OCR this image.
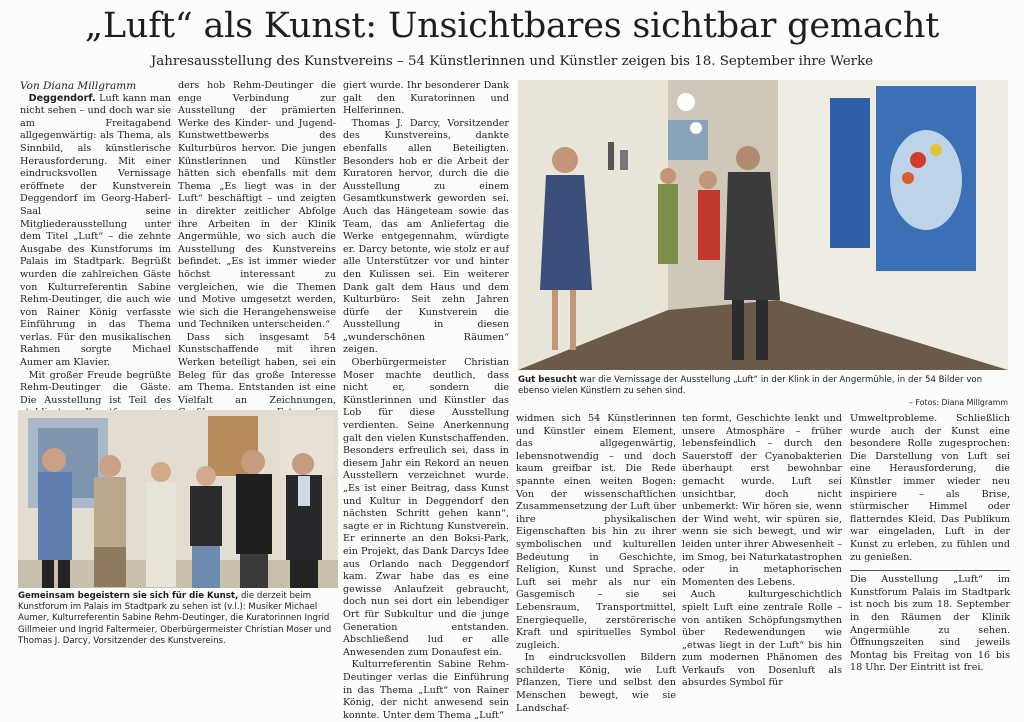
„Luft“ als Kunst: Unsichtbares sichtbar gemacht
Jahresausstellung des Kunstvereins – 54 Künstlerinnen und Künstler zeigen bis 18. September ihre Werke

Von Diana Millgramm

Deggendorf. Luft kann man nicht sehen – und doch war sie am Freitagabend allgegenwärtig: als Thema, als Sinnbild, als künstlerische Herausforderung. Mit einer eindrucksvollen Vernissage eröffnete der Kunstverein Deggendorf im Georg-Haberl-Saal seine Mitgliederausstellung unter dem Titel „Luft“ – die zehnte Ausgabe des Kunstforums im Palais im Stadtpark. Begrüßt wurden die zahlreichen Gäste von Kulturreferentin Sabine Rehm-Deutinger, die auch wie von Rainer König verfasste Einführung in das Thema verlas. Für den musikalischen Rahmen sorgte Michael Aumer am Klavier.

Mit großer Freude begrüßte Rehm-Deutinger die Gäste. Die Ausstellung ist Teil des

ders hob Rehm-Deutinger die enge Verbindung zur Ausstellung der prämierten Werke des Kinder- und Jugend-Kunstwettbewerbs des Kulturbüros hervor. Die jungen Künstlerinnen und Künstler hätten sich ebenfalls mit dem Thema „Es liegt was in der Luft“ beschäftigt – und zeigten in direkter zeitlicher Abfolge ihre Arbeiten in der Klinik Angermühle, wo sich auch die Ausstellung des Kunstvereins befindet. „Es ist immer wieder höchst interessant zu vergleichen, wie die Themen und Motive umgesetzt werden, wie sich die Herangehensweise und Techniken unterscheiden.“

Dass sich insgesamt 54 Kunstschaffende mit ihren Werken beteiligt haben, sei ein Beleg für das große Interesse am Thema. Entstanden ist eine Vielfalt an Zeichnungen,

giert wurde. Ihr besonderer Dank galt den Kuratorinnen und Helferinnen.

Thomas J. Darcy, Vorsitzender des Kunstvereins, dankte ebenfalls allen Beteiligten. Besonders hob er die Arbeit der Kuratoren hervor, durch die die Ausstellung zu einem Gesamtkunstwerk geworden sei. Auch das Hängeteam sowie das Team, das am Anliefertag die Werke entgegennahm, würdigte er. Darcy betonte, wie stolz er auf alle Unterstützer vor und hinter den Kulissen sei. Ein weiterer Dank galt dem Haus und dem Kulturbüro: Seit zehn Jahren dürfe der Kunstverein die Ausstellung in diesen „wunderschönen Räumen“ zeigen.

Oberbürgermeister Christian Moser machte deutlich, dass nicht er, sondern die Künstlerinnen und Künstler das Lob für diese Ausstellung verdienten. Seine Anerkennung galt den vielen Kunstschaffenden. Besonders erfreulich sei, dass in diesem Jahr ein Rekord an neuen Ausstellern verzeichnet wurde. „Es ist einer Beitrag, dass Kunst und Kultur in Deggendorf den nächsten Schritt gehen kann“, sagte er in Richtung Kunstverein. Er erinnerte an den Boksi-Park, ein Projekt, das Dank Darcys Idee aus Orlando nach Deggendorf kam. Zwar habe das es eine gewisse Anlaufzeit gebraucht, doch nun sei dort ein lebendiger Ort für Subkultur und die junge Generation entstanden. Abschließend lud er alle Anwesenden zum Donaufest ein.

Kulturreferentin Sabine Rehm-Deutinger verlas die Einführung in das Thema „Luft“ von Rainer König, der nicht anwesend sein konnte. Unter dem Thema „Luft“

Gut besucht war die Vernissage der Ausstellung „Luft“ in der Klink in der Angermühle, in der 54 Bilder von ebenso vielen Künstlern zu sehen sind.
– Fotos: Diana Millgramm
Gemeinsam begeistern sie sich für die Kunst, die derzeit beim Kunstforum im Palais im Stadtpark zu sehen ist (v.l.): Musiker Michael Aumer, Kulturreferentin Sabine Rehm-Deutinger, die Kuratorinnen Ingrid Gillmeier und Ingrid Faltermeier, Oberbürgermeister Christian Moser und Thomas J. Darcy, Vorsitzender des Kunstvereins.

widmen sich 54 Künstlerinnen und Künstler einem Element, das allgegenwärtig, lebensnotwendig – und doch kaum greifbar ist. Die Rede spannte einen weiten Bogen: Von der wissenschaftlichen Zusammensetzung der Luft über ihre physikalischen Eigenschaften bis hin zu ihrer symbolischen und kulturellen Bedeutung in Geschichte, Religion, Kunst und Sprache. Luft sei mehr als nur ein Gasgemisch – sie sei Lebensraum, Transportmittel, Energiequelle, zerstörerische Kraft und spirituelles Symbol zugleich.

In eindrucksvollen Bildern schilderte König, wie Luft Pflanzen, Tiere und selbst den Menschen bewegt, wie sie Landschaf-

ten formt, Geschichte lenkt und unsere Atmosphäre – früher lebensfeindlich – durch den Sauerstoff der Cyanobakterien überhaupt erst bewohnbar gemacht wurde. Luft sei unsichtbar, doch nicht unbemerkt: Wir hören sie, wenn der Wind weht, wir spüren sie, wenn sie sich bewegt, und wir leiden unter ihrer Abwesenheit – im Smog, bei Naturkatastrophen oder in metaphorischen Momenten des Lebens.

Auch kulturgeschichtlich spielt Luft eine zentrale Rolle – von antiken Schöpfungsmythen über Redewendungen wie „etwas liegt in der Luft“ bis hin zum modernen Phänomen des Verkaufs von Dosenluft als absurdes Symbol für

Umweltprobleme. Schließlich wurde auch der Kunst eine besondere Rolle zugesprochen: Die Darstellung von Luft sei eine Herausforderung, die Künstler immer wieder neu inspiriere – als Brise, stürmischer Himmel oder flatterndes Kleid. Das Publikum war eingeladen, Luft in der Kunst zu erleben, zu fühlen und zu genießen.

Die Ausstellung „Luft“ im Kunstforum Palais im Stadtpark ist noch bis zum 18. September in den Räumen der Klinik Angermühle zu sehen. Öffnungszeiten sind jeweils Montag bis Freitag von 16 bis 18 Uhr. Der Eintritt ist frei.
